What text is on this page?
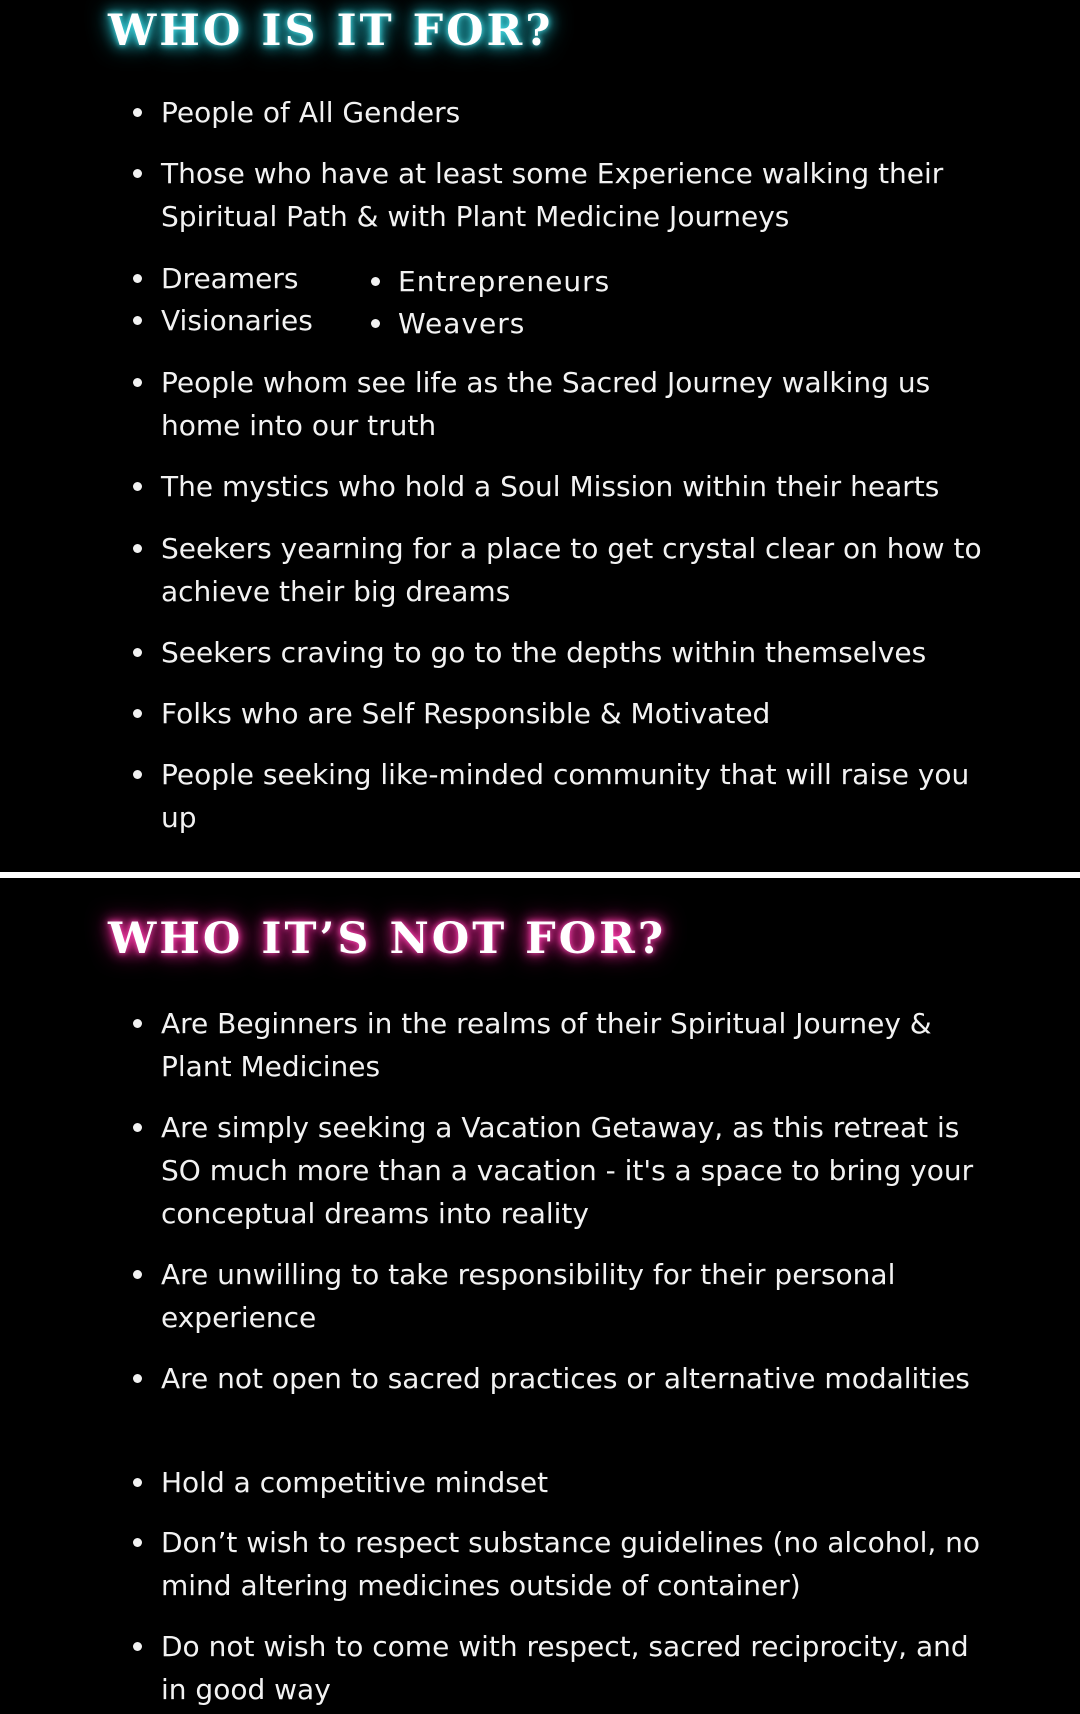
WHO IS IT FOR?
People of All Genders
Those who have at least some Experience walking their Spiritual Path & with Plant Medicine Journeys
Dreamers
Visionaries
Entrepreneurs
Weavers
People whom see life as the Sacred Journey walking us home into our truth
The mystics who hold a Soul Mission within their hearts
Seekers yearning for a place to get crystal clear on how to achieve their big dreams
Seekers craving to go to the depths within themselves
Folks who are Self Responsible & Motivated
People seeking like-minded community that will raise you up
WHO IT’S NOT FOR?
Are Beginners in the realms of their Spiritual Journey & Plant Medicines
Are simply seeking a Vacation Getaway, as this retreat is SO much more than a vacation - it's a space to bring your conceptual dreams into reality
Are unwilling to take responsibility for their personal experience
Are not open to sacred practices or alternative modalities
Hold a competitive mindset
Don’t wish to respect substance guidelines (no alcohol, no mind altering medicines outside of container)
Do not wish to come with respect, sacred reciprocity, and in good way
